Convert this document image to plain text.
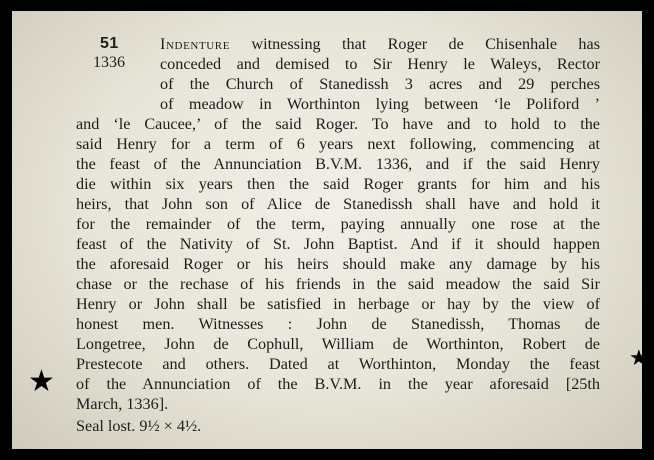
51
1336
Indenture witnessing that Roger de Chisenhale has
conceded and demised to Sir Henry le Waleys, Rector
of the Church of Stanedissh 3 acres and 29 perches
of meadow in Worthinton lying between ‘le Poliford ’
and ‘le Caucee,’ of the said Roger. To have and to hold to the
said Henry for a term of 6 years next following, commencing at
the feast of the Annunciation B.V.M. 1336, and if the said Henry
die within six years then the said Roger grants for him and his
heirs, that John son of Alice de Stanedissh shall have and hold it
for the remainder of the term, paying annually one rose at the
feast of the Nativity of St. John Baptist. And if it should happen
the aforesaid Roger or his heirs should make any damage by his
chase or the rechase of his friends in the said meadow the said Sir
Henry or John shall be satisfied in herbage or hay by the view of
honest men. Witnesses : John de Stanedissh, Thomas de
Longetree, John de Cophull, William de Worthinton, Robert de
Prestecote and others. Dated at Worthinton, Monday the feast
of the Annunciation of the B.V.M. in the year aforesaid [25th
March, 1336].
Seal lost. 9½ × 4½.
★
★
